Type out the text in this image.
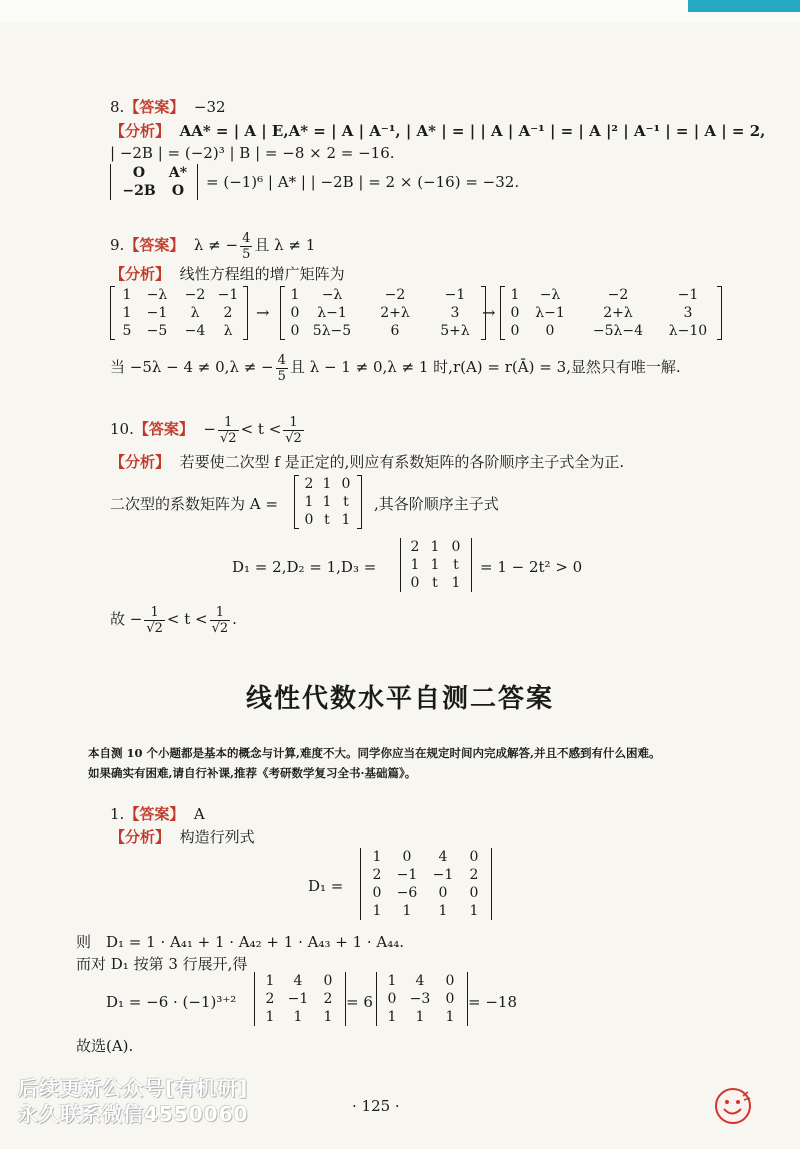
8.【答案】 −32
【分析】 AA* = | A | E,A* = | A | A⁻¹, | A* | = | | A | A⁻¹ | = | A |² | A⁻¹ | = | A | = 2,
| −2B | = (−2)³ | B | = −8 × 2 = −16.
O	A*
−2B	O	= (−1)⁶ | A* | | −2B | = 2 × (−16) = −32.
9.【答案】 λ ≠ − $\frac{4}{5}$ 且 λ ≠ 1
【分析】 线性方程组的增广矩阵为
1	−λ	−2 −1
1	−1	λ	2
5	−5	−4	λ
→
1	−λ	−2	−1
0	λ−1	2+λ	3
0 5λ−5	6	5+λ
→
1	−λ	−2	−1
0	λ−1	2+λ	3
0	0	−5λ−4	λ−10
当 −5λ − 4 ≠ 0,λ ≠ − $\frac{4}{5}$ 且 λ − 1 ≠ 0,λ ≠ 1 时,r(A) = r(Ā) = 3,显然只有唯一解.
10.【答案】 − $\frac{1}{√2} < t < \frac{1}{√2}$
【分析】 若要使二次型 f 是正定的,则应有系数矩阵的各阶顺序主子式全为正.
二次型的系数矩阵为 A =
2 1 0
1 1 t
0 t 1
,其各阶顺序主子式
D₁ = 2,D₂ = 1,D₃ =
2 1 0
1 1 t
0 t 1
= 1 − 2t² > 0
故 − $\frac{1}{√2} < t < \frac{1}{√2}$ .
线性代数水平自测二答案
本自测 10 个小题都是基本的概念与计算,难度不大。同学你应当在规定时间内完成解答,并且不感到有什么困难。
如果确实有困难,请自行补课,推荐《考研数学复习全书·基础篇》。
1.【答案】 A
【分析】 构造行列式
D₁ =
1	0	4	0
2	−1	−1	2
0	−6	0	0
1	1	1	1
则　D₁ = 1 · A₄₁ + 1 · A₄₂ + 1 · A₄₃ + 1 · A₄₄.
而对 D₁ 按第 3 行展开,得
D₁ = −6 · (−1)³⁺²
1	4	0
2 −1	2
1	1	1
= 6
1	4	0
0 −3	0
1	1	1
= −18
故选(A).
后续更新公众号[有机研]
永久联系微信4550060	· 125 ·
